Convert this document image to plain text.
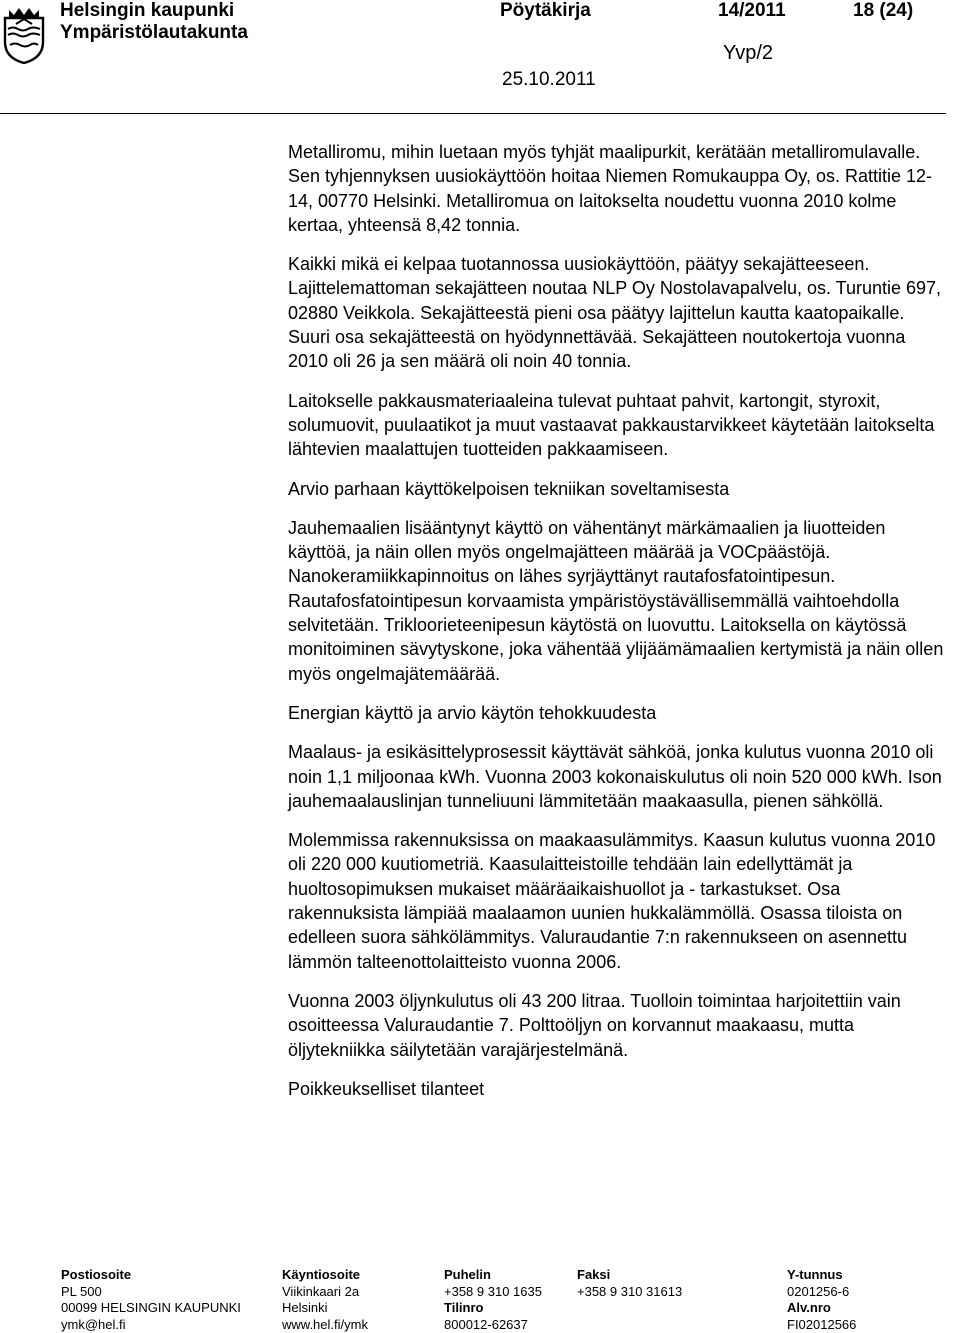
Helsingin kaupunki
Ympäristölautakunta
Pöytäkirja	14/2011	18 (24)
Yvp/2
25.10.2011

Metalliromu, mihin luetaan myös tyhjät maalipurkit, kerätään metalliromulavalle. Sen tyhjennyksen uusiokäyttöön hoitaa Niemen Romukauppa Oy, os. Rattitie 12-14, 00770 Helsinki. Metalliromua on laitokselta noudettu vuonna 2010 kolme kertaa, yhteensä 8,42 tonnia.

Kaikki mikä ei kelpaa tuotannossa uusiokäyttöön, päätyy sekajätteeseen. Lajittelemattoman sekajätteen noutaa NLP Oy Nostolavapalvelu, os. Turuntie 697, 02880 Veikkola. Sekajätteestä pieni osa päätyy lajittelun kautta kaatopaikalle. Suuri osa sekajätteestä on hyödynnettävää. Sekajätteen noutokertoja vuonna 2010 oli 26 ja sen määrä oli noin 40 tonnia.

Laitokselle pakkausmateriaaleina tulevat puhtaat pahvit, kartongit, styroxit, solumuovit, puulaatikot ja muut vastaavat pakkaustarvikkeet käytetään laitokselta lähtevien maalattujen tuotteiden pakkaamiseen.

Arvio parhaan käyttökelpoisen tekniikan soveltamisesta

Jauhemaalien lisääntynyt käyttö on vähentänyt märkämaalien ja liuotteiden käyttöä, ja näin ollen myös ongelmajätteen määrää ja VOCpäästöjä. Nanokeramiikkapinnoitus on lähes syrjäyttänyt rautafosfatointipesun. Rautafosfatointipesun korvaamista ympäristöystävällisemmällä vaihtoehdolla selvitetään. Trikloorieteenipesun käytöstä on luovuttu. Laitoksella on käytössä monitoiminen sävytyskone, joka vähentää ylijäämämaalien kertymistä ja näin ollen myös ongelmajätemäärää.

Energian käyttö ja arvio käytön tehokkuudesta

Maalaus- ja esikäsittelyprosessit käyttävät sähköä, jonka kulutus vuonna 2010 oli noin 1,1 miljoonaa kWh. Vuonna 2003 kokonaiskulutus oli noin 520 000 kWh. Ison jauhemaalauslinjan tunneliuuni lämmitetään maakaasulla, pienen sähköllä.

Molemmissa rakennuksissa on maakaasulämmitys. Kaasun kulutus vuonna 2010 oli 220 000 kuutiometriä. Kaasulaitteistoille tehdään lain edellyttämät ja huoltosopimuksen mukaiset määräaikaishuollot ja - tarkastukset. Osa rakennuksista lämpiää maalaamon uunien hukkalämmöllä. Osassa tiloista on edelleen suora sähkölämmitys. Valuraudantie 7:n rakennukseen on asennettu lämmön talteenottolaitteisto vuonna 2006.

Vuonna 2003 öljynkulutus oli 43 200 litraa. Tuolloin toimintaa harjoitettiin vain osoitteessa Valuraudantie 7. Polttoöljyn on korvannut maakaasu, mutta öljytekniikka säilytetään varajärjestelmänä.

Poikkeukselliset tilanteet

Postiosoite
PL 500
00099 HELSINGIN KAUPUNKI
ymk@hel.fi
Käyntiosoite
Viikinkaari 2a
Helsinki
www.hel.fi/ymk
Puhelin
+358 9 310 1635
Tilinro
800012-62637
Faksi
+358 9 310 31613
Y-tunnus
0201256-6
Alv.nro
FI02012566
